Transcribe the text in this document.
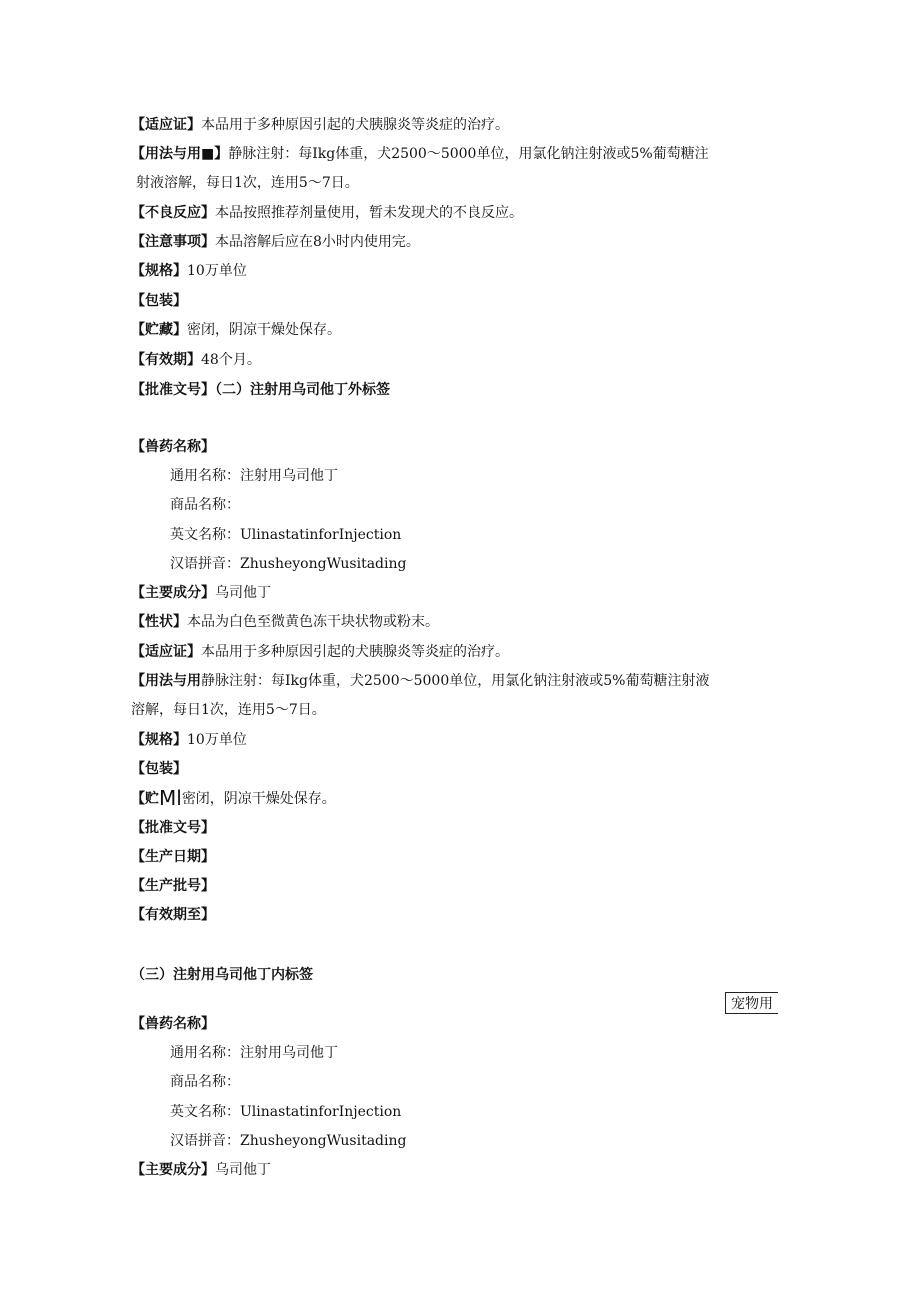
【适应证】本品用于多种原因引起的犬胰腺炎等炎症的治疗。
【用法与用■】静脉注射：每Ikg体重，犬2500～5000单位，用氯化钠注射液或5%葡萄糖注
射液溶解，每日1次，连用5～7日。
【不良反应】本品按照推荐剂量使用，暂未发现犬的不良反应。
【注意事项】本品溶解后应在8小时内使用完。
【规格】10万单位
【包装】
【贮藏】密闭，阴凉干燥处保存。
【有效期】48个月。
【批准文号】（二）注射用乌司他丁外标签
【兽药名称】
通用名称：注射用乌司他丁
商品名称：
英文名称：UlinastatinforInjection
汉语拼音：ZhusheyongWusitading
【主要成分】乌司他丁
【性状】本品为白色至微黄色冻干块状物或粉末。
【适应证】本品用于多种原因引起的犬胰腺炎等炎症的治疗。
【用法与用静脉注射：每Ikg体重，犬2500～5000单位，用氯化钠注射液或5%葡萄糖注射液
溶解，每日1次，连用5～7日。
【规格】10万单位
【包装】
【贮Ml密闭，阴凉干燥处保存。
【批准文号】
【生产日期】
【生产批号】
【有效期至】
（三）注射用乌司他丁内标签
宠物用
【兽药名称】
通用名称：注射用乌司他丁
商品名称：
英文名称：UlinastatinforInjection
汉语拼音：ZhusheyongWusitading
【主要成分】乌司他丁
